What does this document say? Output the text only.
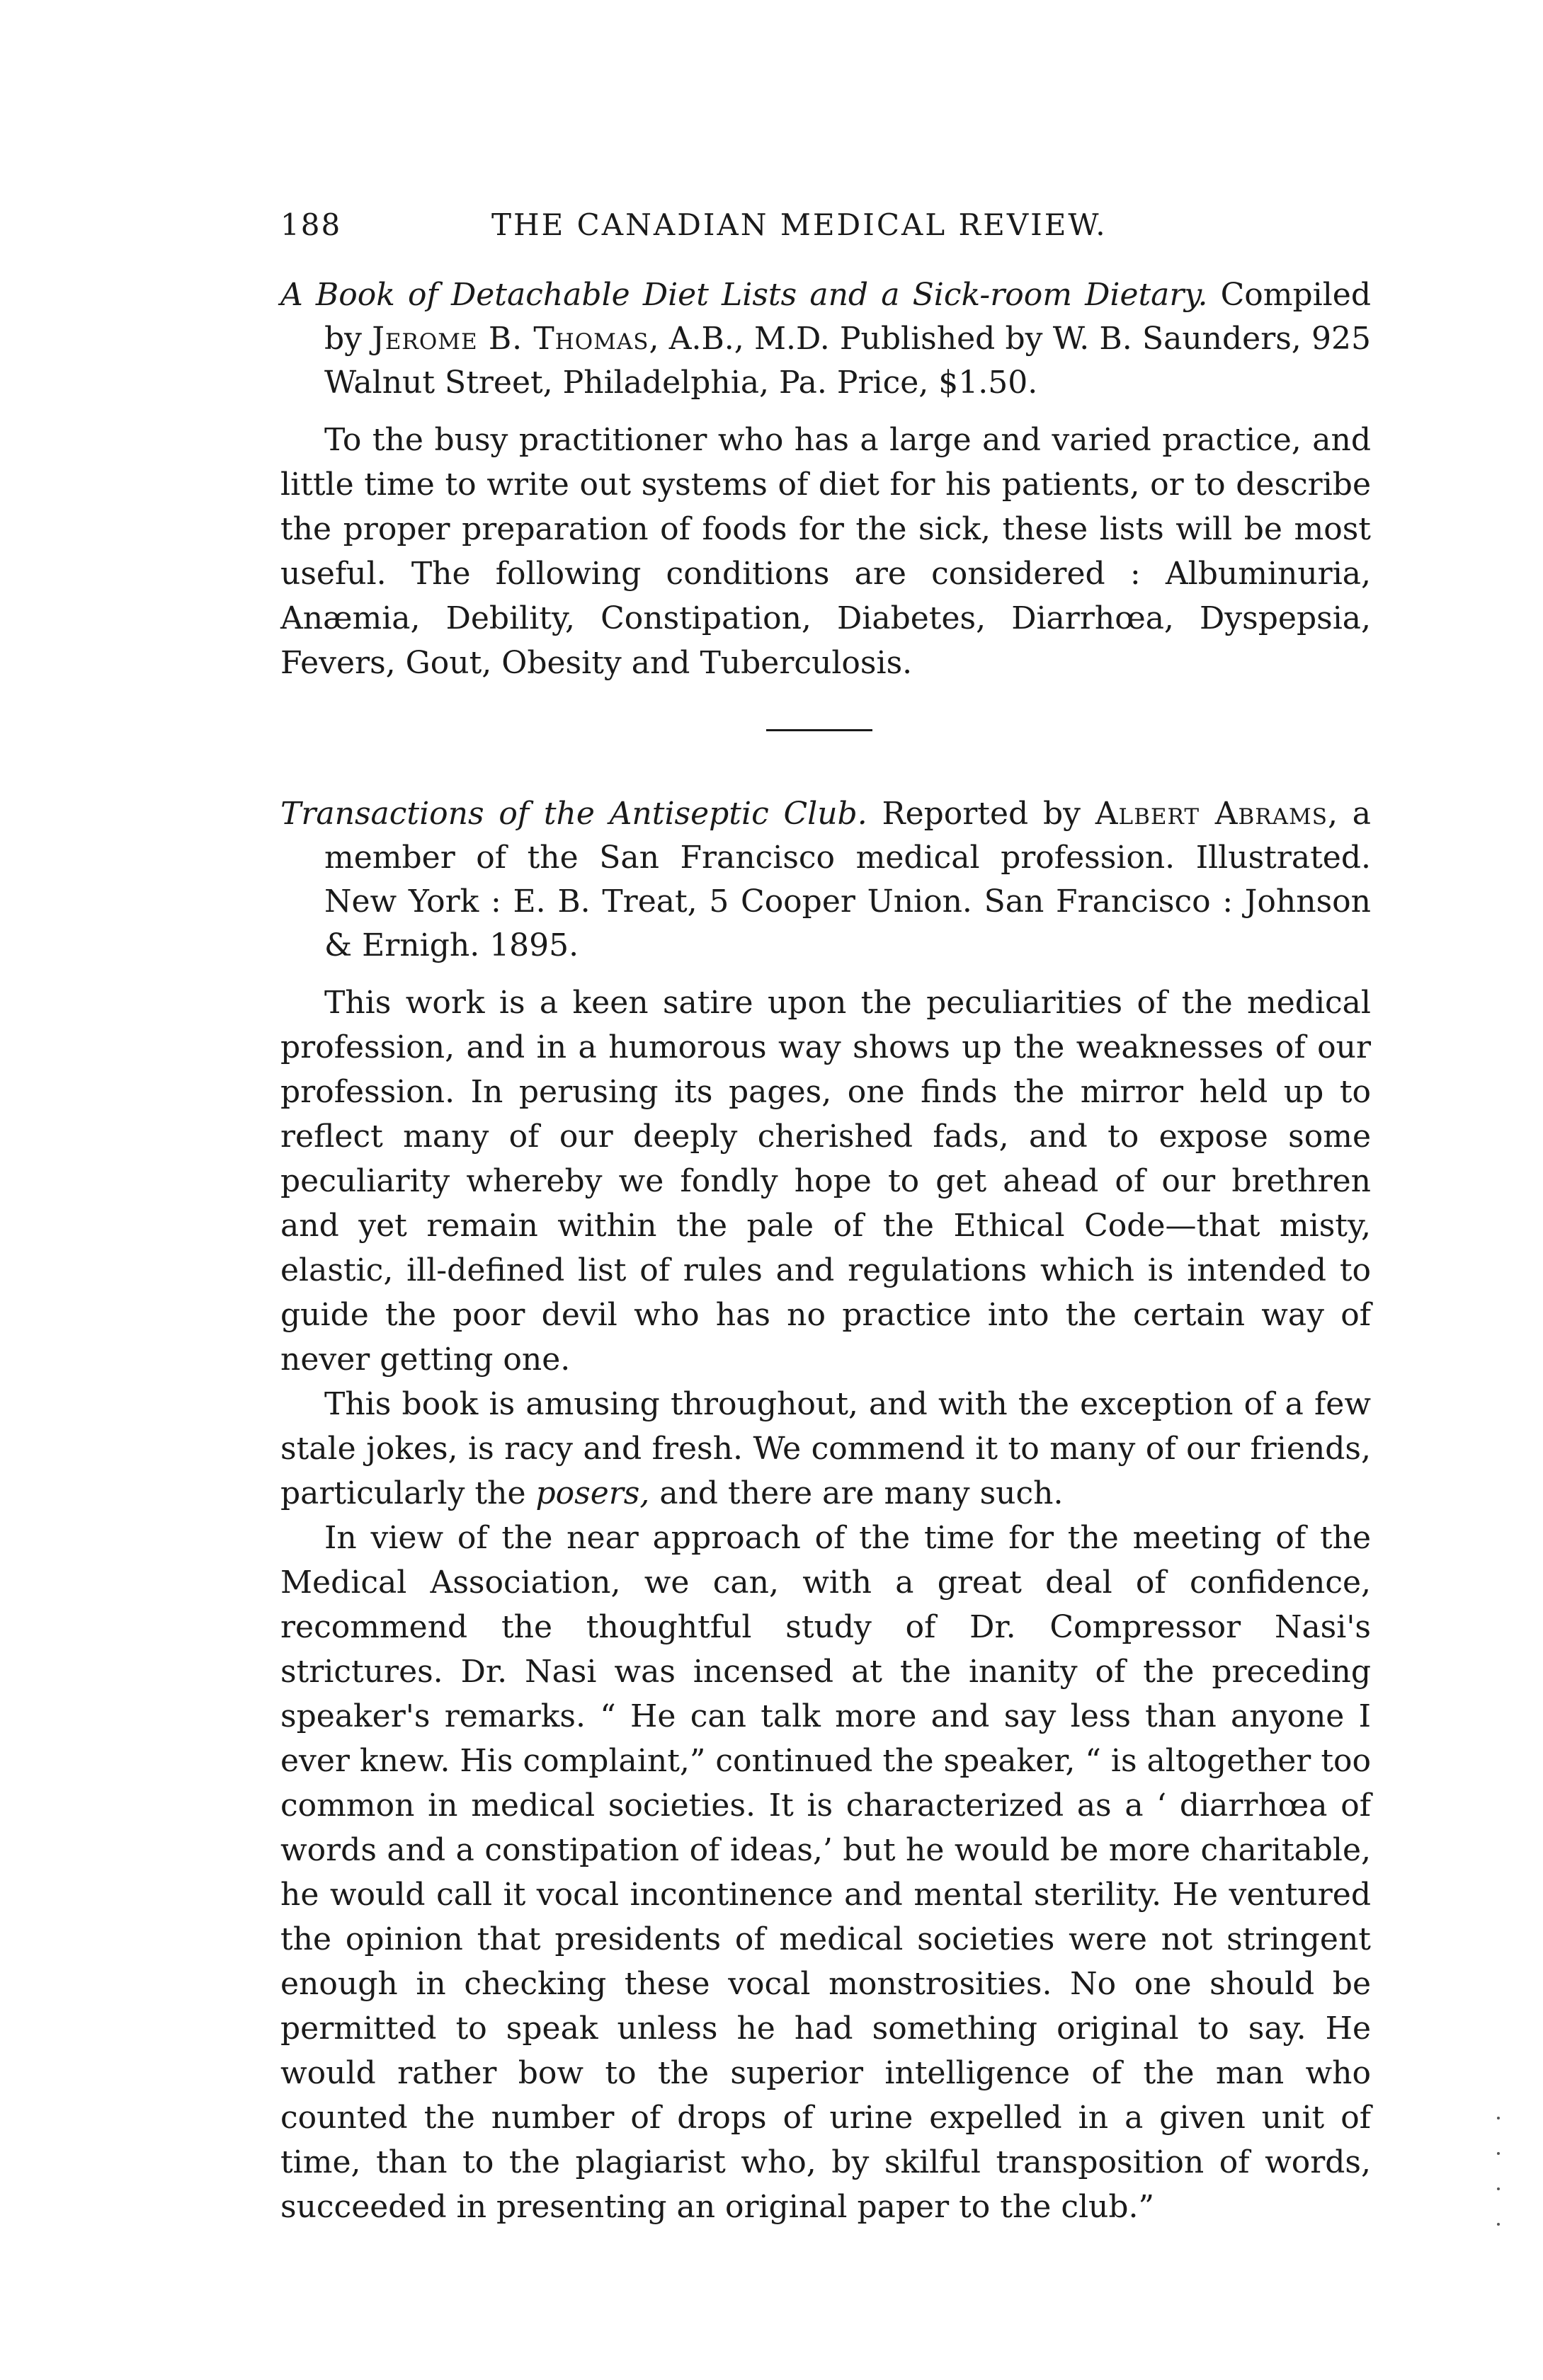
188	THE CANADIAN MEDICAL REVIEW.
A Book of Detachable Diet Lists and a Sick-room Dietary. Compiled by Jerome B. Thomas, A.B., M.D. Published by W. B. Saunders, 925 Walnut Street, Philadelphia, Pa. Price, $1.50.

To the busy practitioner who has a large and varied practice, and little time to write out systems of diet for his patients, or to describe the proper preparation of foods for the sick, these lists will be most useful. The following conditions are considered : Albuminuria, Anæmia, Debility, Constipation, Diabetes, Diarrhœa, Dyspepsia, Fevers, Gout, Obesity and Tuberculosis.

Transactions of the Antiseptic Club. Reported by Albert Abrams, a member of the San Francisco medical profession. Illustrated. New York : E. B. Treat, 5 Cooper Union. San Francisco : Johnson & Ernigh. 1895.

This work is a keen satire upon the peculiarities of the medical profession, and in a humorous way shows up the weaknesses of our profession. In perusing its pages, one finds the mirror held up to reflect many of our deeply cherished fads, and to expose some peculiarity whereby we fondly hope to get ahead of our brethren and yet remain within the pale of the Ethical Code—that misty, elastic, ill-defined list of rules and regulations which is intended to guide the poor devil who has no practice into the certain way of never getting one.

This book is amusing throughout, and with the exception of a few stale jokes, is racy and fresh. We commend it to many of our friends, particularly the posers, and there are many such.

In view of the near approach of the time for the meeting of the Medical Association, we can, with a great deal of confidence, recommend the thoughtful study of Dr. Compressor Nasi's strictures. Dr. Nasi was incensed at the inanity of the preceding speaker's remarks. “ He can talk more and say less than anyone I ever knew. His complaint,” continued the speaker, “ is altogether too common in medical societies. It is characterized as a ‘ diarrhœa of words and a constipation of ideas,’ but he would be more charitable, he would call it vocal incontinence and mental sterility. He ventured the opinion that presidents of medical societies were not stringent enough in checking these vocal monstrosities. No one should be permitted to speak unless he had something original to say. He would rather bow to the superior intelligence of the man who counted the number of drops of urine expelled in a given unit of time, than to the plagiarist who, by skilful transposition of words, succeeded in presenting an original paper to the club.”
